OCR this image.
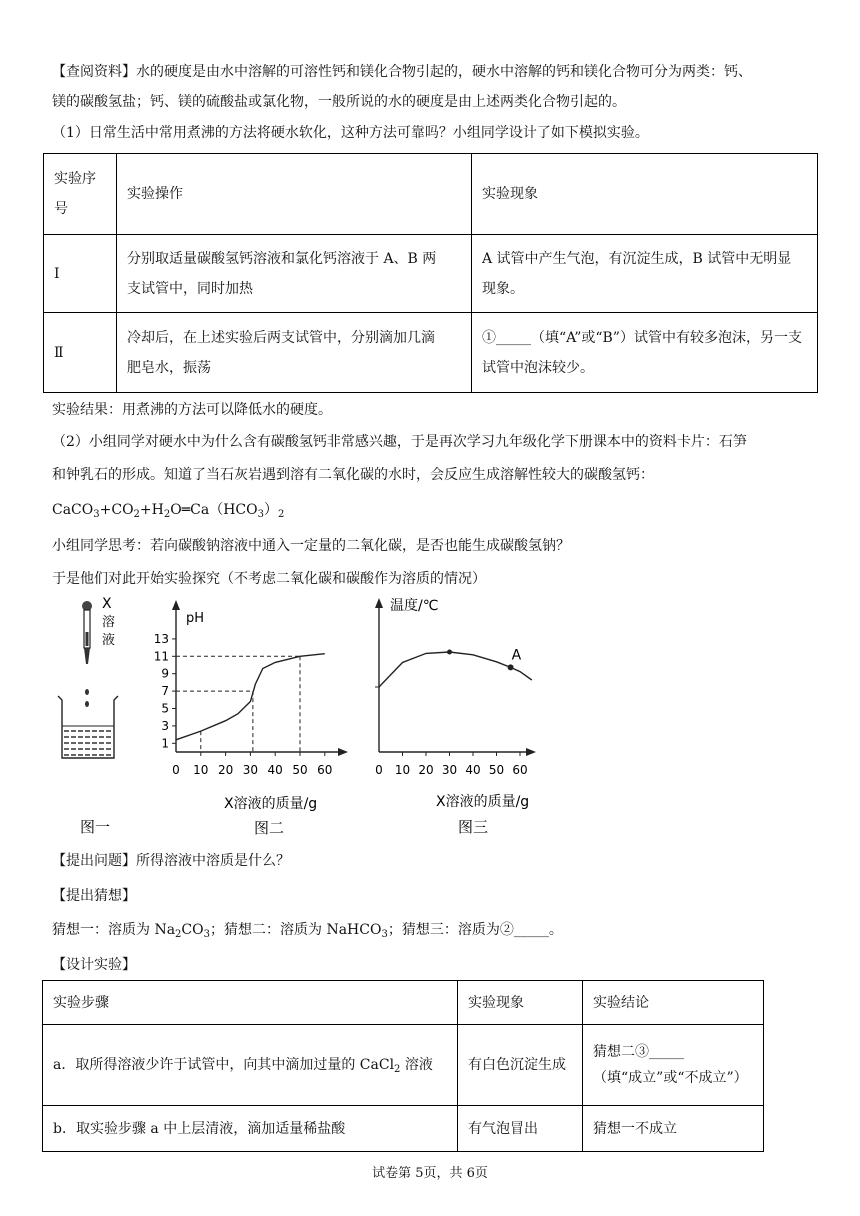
【查阅资料】水的硬度是由水中溶解的可溶性钙和镁化合物引起的，硬水中溶解的钙和镁化合物可分为两类：钙、
镁的碳酸氢盐；钙、镁的硫酸盐或氯化物，一般所说的水的硬度是由上述两类化合物引起的。
（1）日常生活中常用煮沸的方法将硬水软化，这种方法可靠吗？小组同学设计了如下模拟实验。
实验序
号	实验操作	实验现象
Ⅰ	分别取适量碳酸氢钙溶液和氯化钙溶液于 A、B 两
支试管中，同时加热	A 试管中产生气泡，有沉淀生成，B 试管中无明显
现象。
Ⅱ	冷却后，在上述实验后两支试管中，分别滴加几滴
肥皂水，振荡	①_____（填“A”或“B”）试管中有较多泡沫，另一支
试管中泡沫较少。
实验结果：用煮沸的方法可以降低水的硬度。
（2）小组同学对硬水中为什么含有碳酸氢钙非常感兴趣，于是再次学习九年级化学下册课本中的资料卡片：石笋
和钟乳石的形成。知道了当石灰岩遇到溶有二氧化碳的水时，会反应生成溶解性较大的碳酸氢钙：
$CaCO_3+CO_2+H_2O═Ca(HCO_3)_2$
小组同学思考：若向碳酸钠溶液中通入一定量的二氧化碳，是否也能生成碳酸氢钠？
于是他们对此开始实验探究（不考虑二氧化碳和碳酸作为溶质的情况）
X
溶
液
图一
pH
13
11
9
7
5
3
1
0 10 20 30 40 50 60
X溶液的质量/g
图二
温度/℃
0 10 20 30 40 50 60
A
X溶液的质量/g
图三
【提出问题】所得溶液中溶质是什么？
【提出猜想】
猜想一：溶质为 $Na_2CO_3$；猜想二：溶质为 NaHCO$_3$；猜想三：溶质为②_____。
【设计实验】
实验步骤	实验现象	实验结论
a．取所得溶液少许于试管中，向其中滴加过量的 CaCl$_2$ 溶液	有白色沉淀生成	猜想二③_____
（填“成立”或“不成立”）
b．取实验步骤 a 中上层清液，滴加适量稀盐酸	有气泡冒出	猜想一不成立
试卷第 5页，共 6页
